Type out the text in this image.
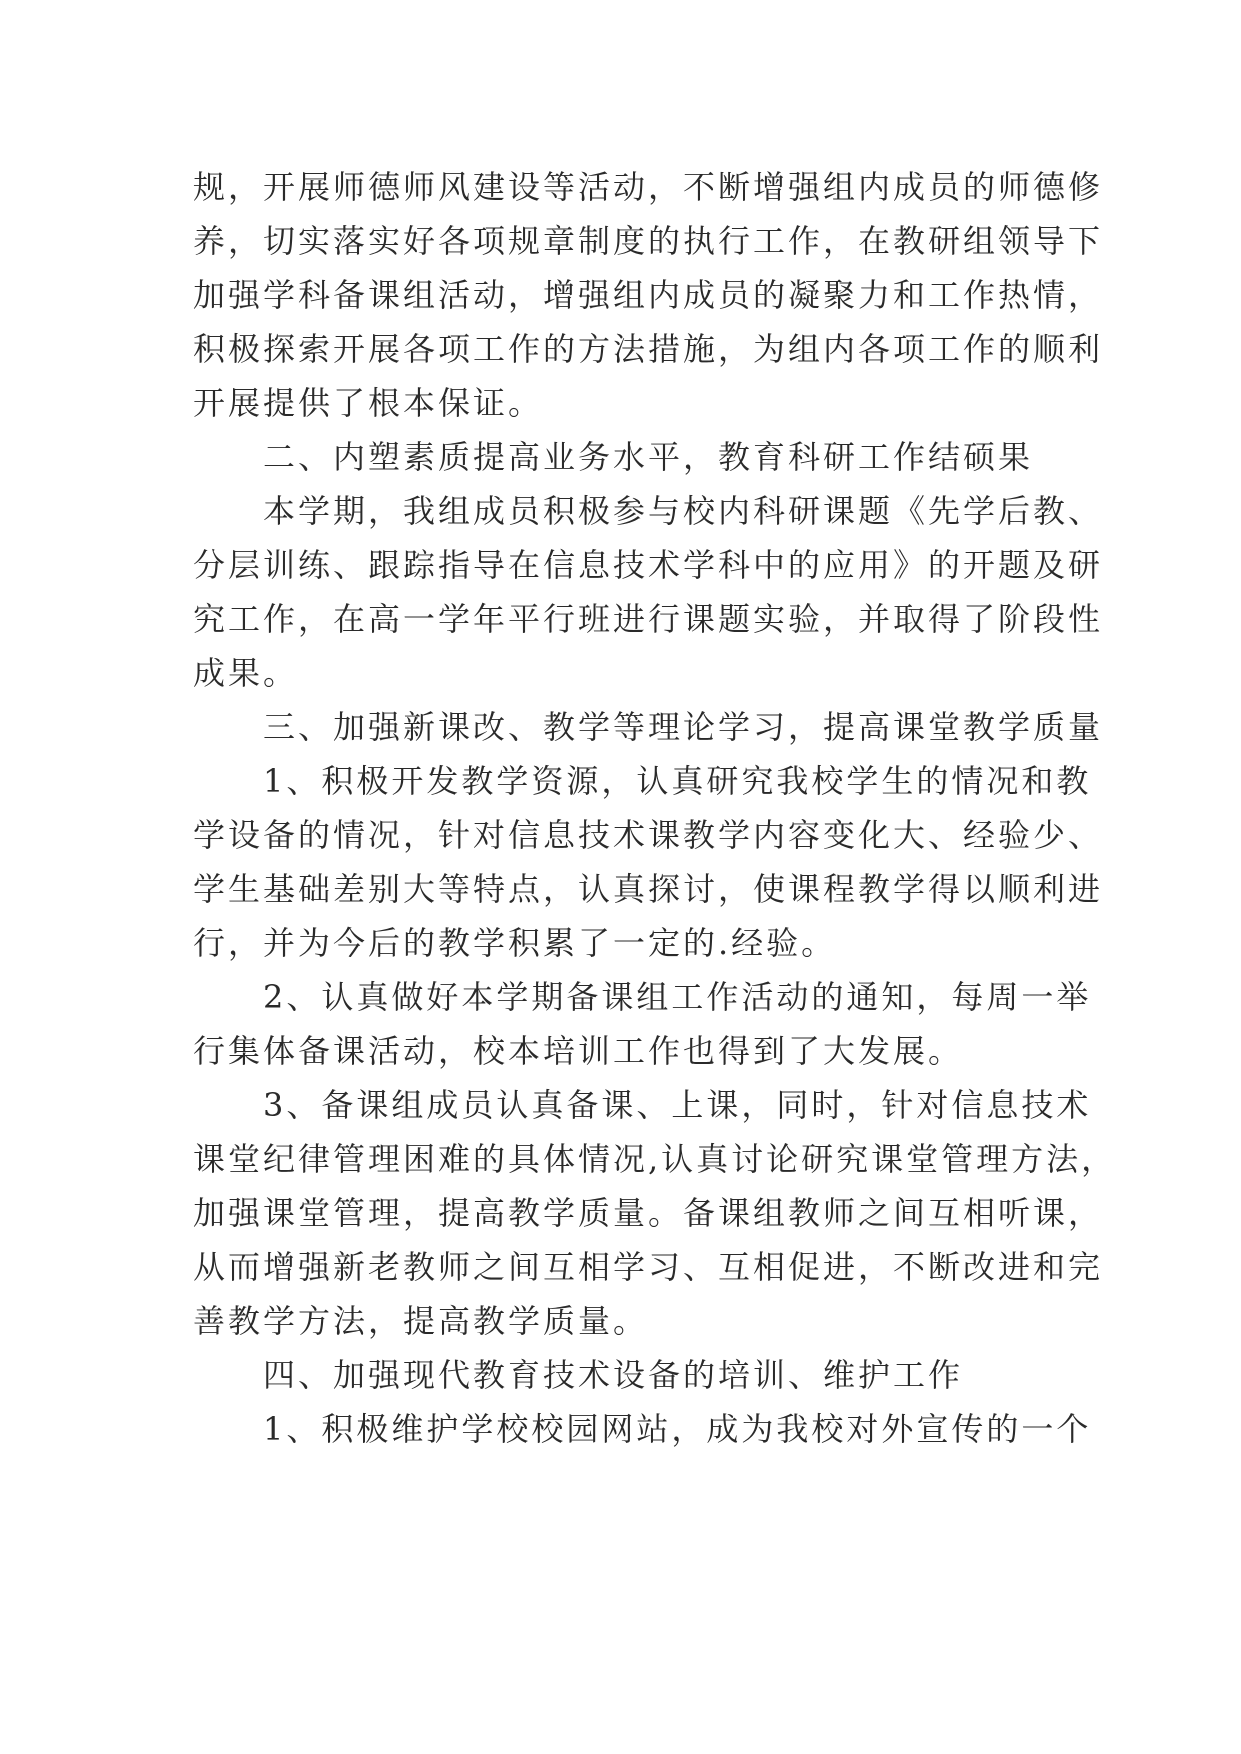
规，开展师德师风建设等活动，不断增强组内成员的师德修
养，切实落实好各项规章制度的执行工作，在教研组领导下
加强学科备课组活动，增强组内成员的凝聚力和工作热情，
积极探索开展各项工作的方法措施，为组内各项工作的顺利
开展提供了根本保证。
　　二、内塑素质提高业务水平，教育科研工作结硕果
　　本学期，我组成员积极参与校内科研课题《先学后教、
分层训练、跟踪指导在信息技术学科中的应用》的开题及研
究工作，在高一学年平行班进行课题实验，并取得了阶段性
成果。
　　三、加强新课改、教学等理论学习，提高课堂教学质量
　　1、积极开发教学资源，认真研究我校学生的情况和教
学设备的情况，针对信息技术课教学内容变化大、经验少、
学生基础差别大等特点，认真探讨，使课程教学得以顺利进
行，并为今后的教学积累了一定的.经验。
　　2、认真做好本学期备课组工作活动的通知，每周一举
行集体备课活动，校本培训工作也得到了大发展。
　　3、备课组成员认真备课、上课，同时，针对信息技术
课堂纪律管理困难的具体情况,认真讨论研究课堂管理方法，
加强课堂管理，提高教学质量。备课组教师之间互相听课，
从而增强新老教师之间互相学习、互相促进，不断改进和完
善教学方法，提高教学质量。
　　四、加强现代教育技术设备的培训、维护工作
　　1、积极维护学校校园网站，成为我校对外宣传的一个
